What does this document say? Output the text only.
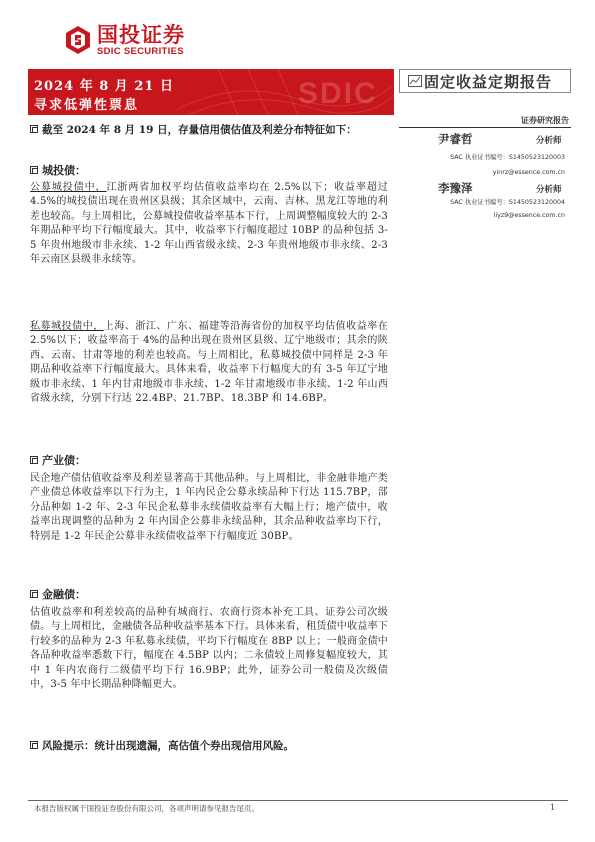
国投证券
SDIC SECURITIES
SDIC
2024 年 8 月 21 日
寻求低弹性票息
固定收益定期报告
证券研究报告
截至 2024 年 8 月 19 日，存量信用债估值及利差分布特征如下：
城投债：
公募城投债中，江浙两省加权平均估值收益率均在 2.5%以下；收益率超过 4.5%的城投债出现在贵州区县级；其余区域中，云南、吉林、黑龙江等地的利差也较高。与上周相比，公募城投债收益率基本下行，上周调整幅度较大的 2-3 年期品种平均下行幅度最大。其中，收益率下行幅度超过 10BP 的品种包括 3-5 年贵州地级市非永续、1-2 年山西省级永续、2-3 年贵州地级市非永续、2-3 年云南区县级非永续等。
私募城投债中，上海、浙江、广东、福建等沿海省份的加权平均估值收益率在 2.5%以下；收益率高于 4%的品种出现在贵州区县级、辽宁地级市；其余的陕西、云南、甘肃等地的利差也较高。与上周相比，私募城投债中同样是 2-3 年期品种收益率下行幅度最大。具体来看，收益率下行幅度大的有 3-5 年辽宁地级市非永续、1 年内甘肃地级市非永续、1-2 年甘肃地级市非永续、1-2 年山西省级永续，分别下行达 22.4BP、21.7BP、18.3BP 和 14.6BP。
产业债：
民企地产债估值收益率及利差显著高于其他品种。与上周相比，非金融非地产类产业债总体收益率以下行为主，1 年内民企公募永续品种下行达 115.7BP，部分品种如 1-2 年、2-3 年民企私募非永续债收益率有大幅上行；地产债中，收益率出现调整的品种为 2 年内国企公募非永续品种，其余品种收益率均下行，特别是 1-2 年民企公募非永续债收益率下行幅度近 30BP。
金融债：
估值收益率和利差较高的品种有城商行、农商行资本补充工具、证券公司次级债。与上周相比，金融债各品种收益率基本下行。具体来看，租赁债中收益率下行较多的品种为 2-3 年私募永续债，平均下行幅度在 8BP 以上；一般商金债中各品种收益率悉数下行，幅度在 4.5BP 以内；二永债较上周修复幅度较大，其中 1 年内农商行二级债平均下行 16.9BP；此外，证券公司一般债及次级债中，3-5 年中长期品种降幅更大。
风险提示：统计出现遗漏，高估值个券出现信用风险。
尹睿哲	分析师
SAC 执业证书编号：S1450523120003
yinrz@essence.com.cn
李豫泽	分析师
SAC 执业证书编号：S1450523120004
liyz9@essence.com.cn
本报告版权属于国投证券股份有限公司，各项声明请参见报告尾页。	1
